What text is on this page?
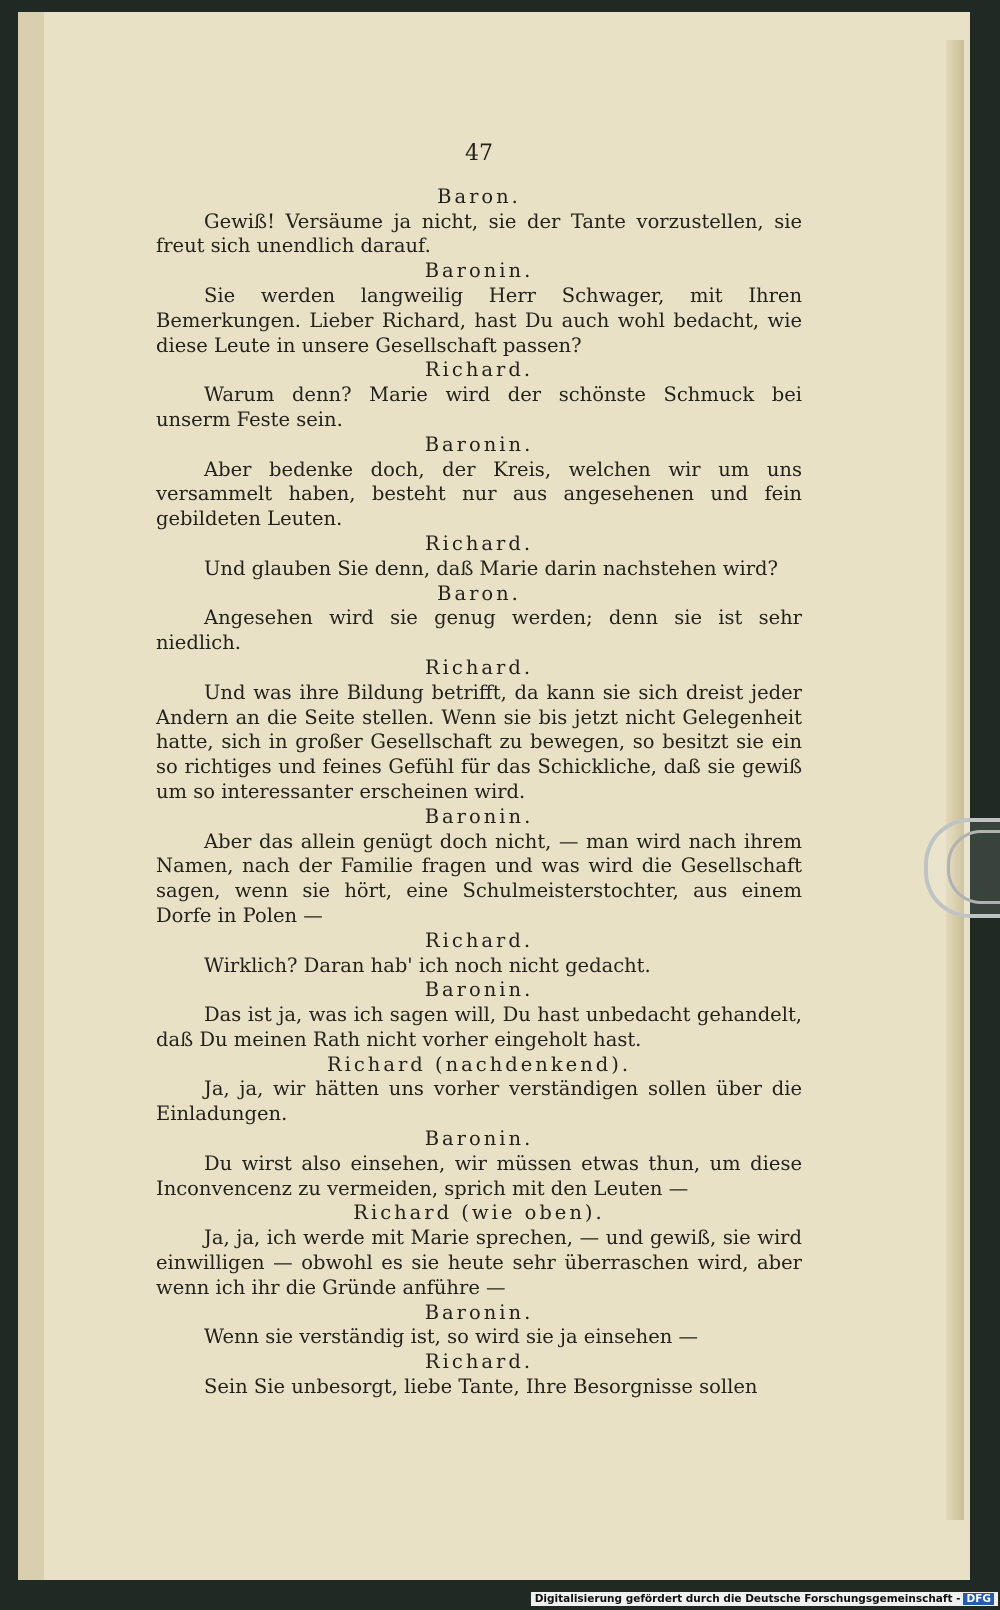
47
Baron.
Gewiß! Versäume ja nicht, sie der Tante vorzustellen, sie freut sich unendlich darauf.
Baronin.
Sie werden langweilig Herr Schwager, mit Ihren Bemerkungen. Lieber Richard, hast Du auch wohl bedacht, wie diese Leute in unsere Gesellschaft passen?
Richard.
Warum denn? Marie wird der schönste Schmuck bei unserm Feste sein.
Baronin.
Aber bedenke doch, der Kreis, welchen wir um uns versammelt haben, besteht nur aus angesehenen und fein gebildeten Leuten.
Richard.
Und glauben Sie denn, daß Marie darin nachstehen wird?
Baron.
Angesehen wird sie genug werden; denn sie ist sehr niedlich.
Richard.
Und was ihre Bildung betrifft, da kann sie sich dreist jeder Andern an die Seite stellen. Wenn sie bis jetzt nicht Gelegenheit hatte, sich in großer Gesellschaft zu bewegen, so besitzt sie ein so richtiges und feines Gefühl für das Schickliche, daß sie gewiß um so interessanter erscheinen wird.
Baronin.
Aber das allein genügt doch nicht, — man wird nach ihrem Namen, nach der Familie fragen und was wird die Gesellschaft sagen, wenn sie hört, eine Schulmeisterstochter, aus einem Dorfe in Polen —
Richard.
Wirklich? Daran hab' ich noch nicht gedacht.
Baronin.
Das ist ja, was ich sagen will, Du hast unbedacht gehandelt, daß Du meinen Rath nicht vorher eingeholt hast.
Richard (nachdenkend).
Ja, ja, wir hätten uns vorher verständigen sollen über die Einladungen.
Baronin.
Du wirst also einsehen, wir müssen etwas thun, um diese Inconvencenz zu vermeiden, sprich mit den Leuten —
Richard (wie oben).
Ja, ja, ich werde mit Marie sprechen, — und gewiß, sie wird einwilligen — obwohl es sie heute sehr überraschen wird, aber wenn ich ihr die Gründe anführe —
Baronin.
Wenn sie verständig ist, so wird sie ja einsehen —
Richard.
Sein Sie unbesorgt, liebe Tante, Ihre Besorgnisse sollen
Digitalisierung gefördert durch die Deutsche Forschungsgemeinschaft - DFG
